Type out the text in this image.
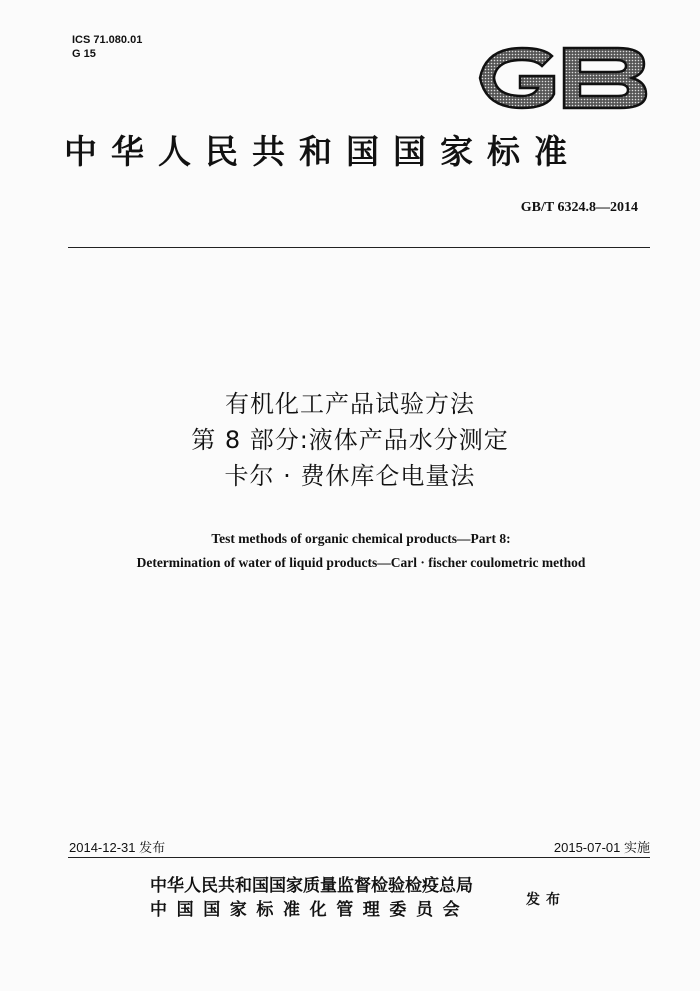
ICS 71.080.01
G 15
中华人民共和国国家标准
GB/T 6324.8—2014
有机化工产品试验方法
第 8 部分:液体产品水分测定
卡尔 · 费休库仑电量法
Test methods of organic chemical products—Part 8:
Determination of water of liquid products—Carl · fischer coulometric method
2014-12-31 发布	2015-07-01 实施
中华人民共和国国家质量监督检验检疫总局
中国国家标准化管理委员会	发布
